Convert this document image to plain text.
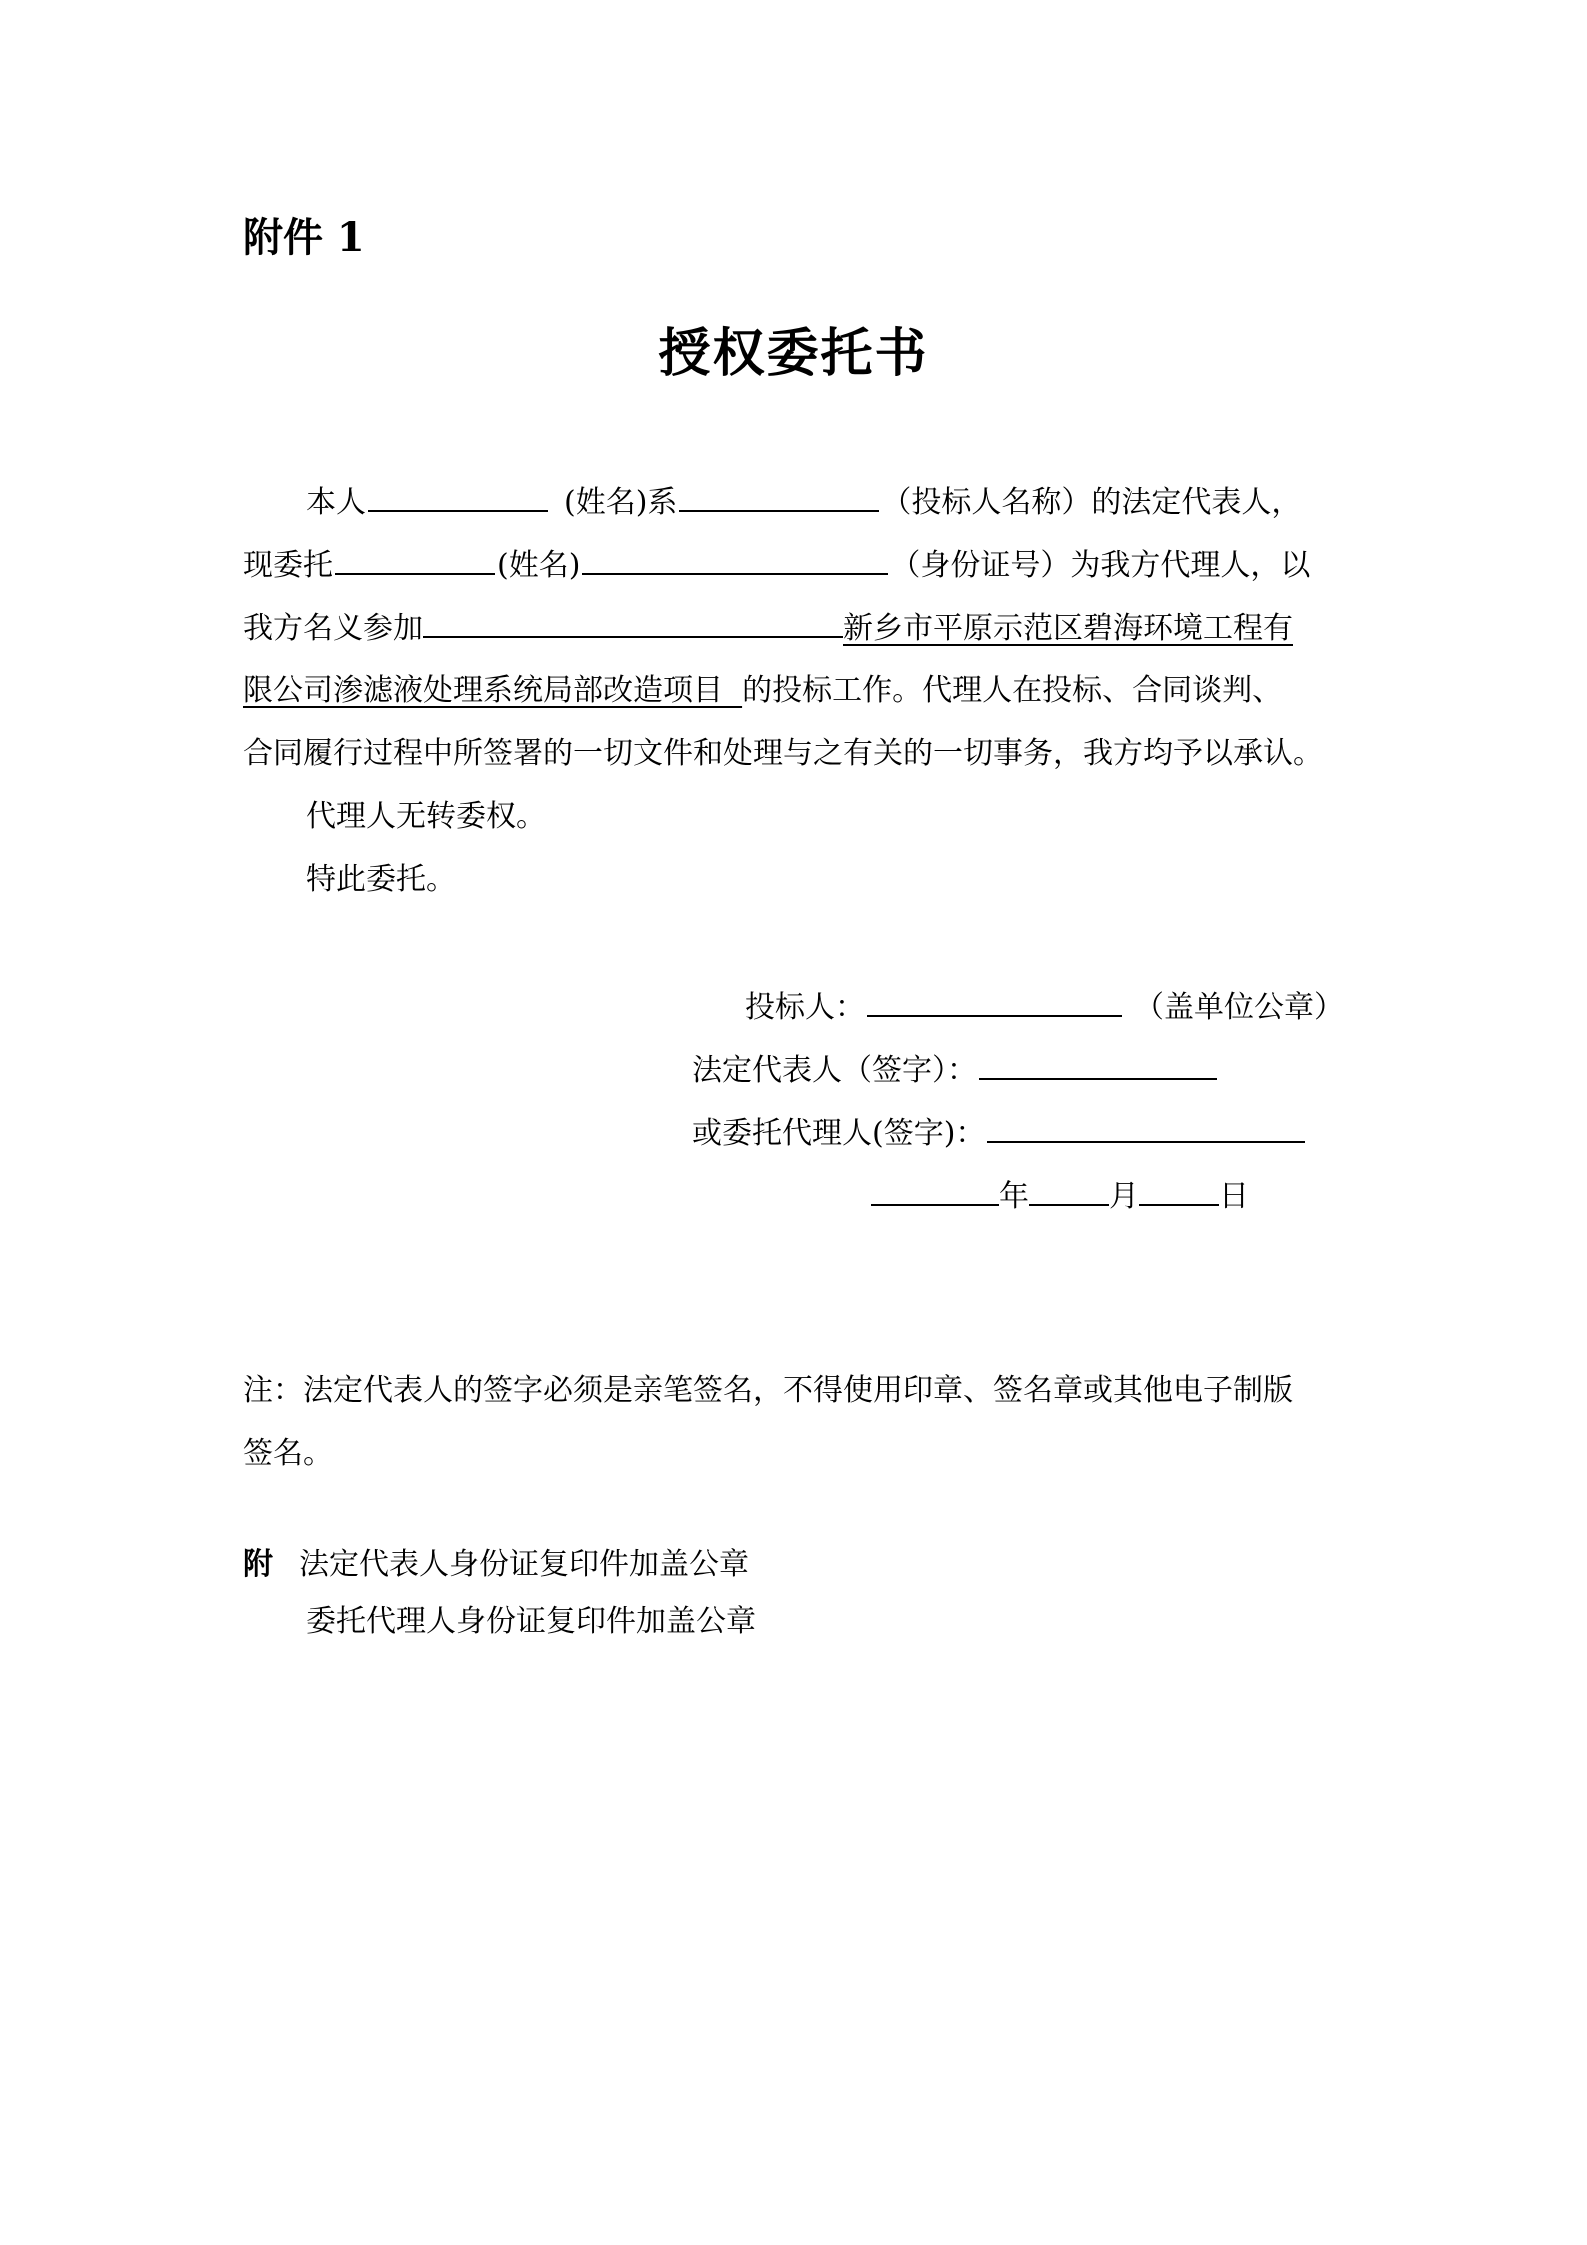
附件 1
授权委托书
本人	(姓名)系	（投标人名称）的法定代表人，
现委托	(姓名)	（身份证号）为我方代理人，以
我方名义参加	新乡市平原示范区碧海环境工程有
限公司渗滤液处理系统局部改造项目 的投标工作。代理人在投标、合同谈判、
合同履行过程中所签署的一切文件和处理与之有关的一切事务，我方均予以承认。
代理人无转委权。
特此委托。
投标人：	（盖单位公章）
法定代表人（签字）：
或委托代理人(签字)：
年	月	日
注：法定代表人的签字必须是亲笔签名，不得使用印章、签名章或其他电子制版
签名。
附 法定代表人身份证复印件加盖公章
委托代理人身份证复印件加盖公章
